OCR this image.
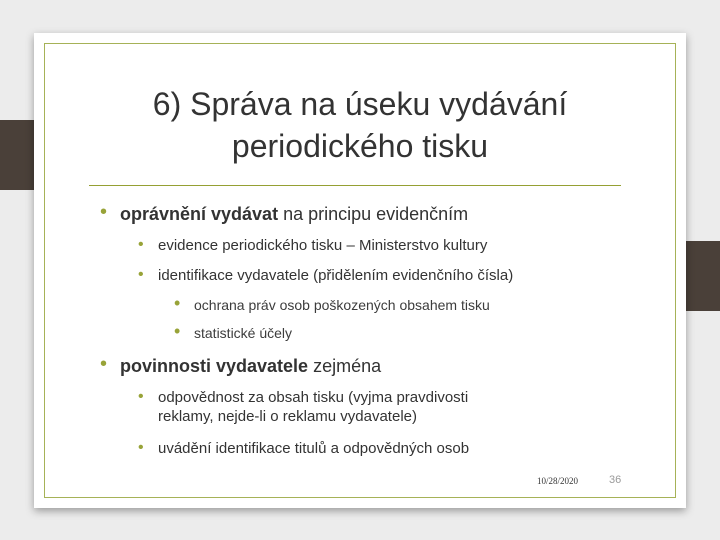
6) Správa na úseku vydávání
periodického tisku
• oprávnění vydávat na principu evidenčním
• evidence periodického tisku – Ministerstvo kultury
• identifikace vydavatele (přidělením evidenčního čísla)
• ochrana práv osob poškozených obsahem tisku
• statistické účely
• povinnosti vydavatele zejména
• odpovědnost za obsah tisku (vyjma pravdivosti
reklamy, nejde-li o reklamu vydavatele)
• uvádění identifikace titulů a odpovědných osob
10/28/2020	36
